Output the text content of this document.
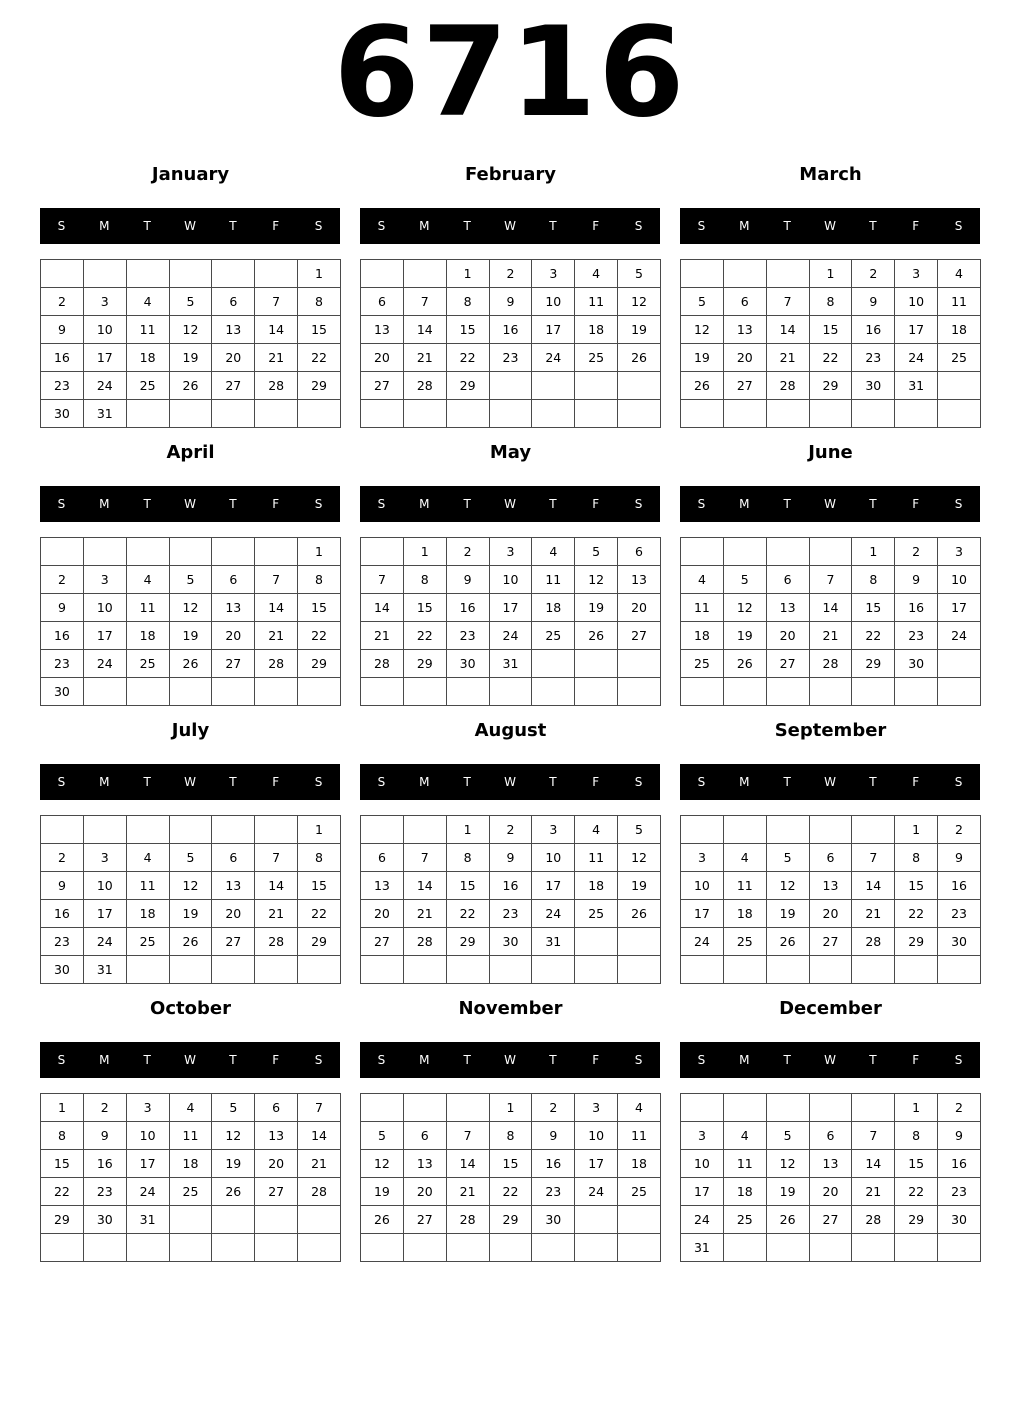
6716
January
S	M	T	W	T	F	S
						1
2	3	4	5	6	7	8
9	10	11	12	13	14	15
16	17	18	19	20	21	22
23	24	25	26	27	28	29
30	31					
February
S	M	T	W	T	F	S
		1	2	3	4	5
6	7	8	9	10	11	12
13	14	15	16	17	18	19
20	21	22	23	24	25	26
27	28	29				

March
S	M	T	W	T	F	S
			1	2	3	4
5	6	7	8	9	10	11
12	13	14	15	16	17	18
19	20	21	22	23	24	25
26	27	28	29	30	31	

April
S	M	T	W	T	F	S
						1
2	3	4	5	6	7	8
9	10	11	12	13	14	15
16	17	18	19	20	21	22
23	24	25	26	27	28	29
30						
May
S	M	T	W	T	F	S
	1	2	3	4	5	6
7	8	9	10	11	12	13
14	15	16	17	18	19	20
21	22	23	24	25	26	27
28	29	30	31			

June
S	M	T	W	T	F	S
				1	2	3
4	5	6	7	8	9	10
11	12	13	14	15	16	17
18	19	20	21	22	23	24
25	26	27	28	29	30	

July
S	M	T	W	T	F	S
						1
2	3	4	5	6	7	8
9	10	11	12	13	14	15
16	17	18	19	20	21	22
23	24	25	26	27	28	29
30	31					
August
S	M	T	W	T	F	S
		1	2	3	4	5
6	7	8	9	10	11	12
13	14	15	16	17	18	19
20	21	22	23	24	25	26
27	28	29	30	31		

September
S	M	T	W	T	F	S
					1	2
3	4	5	6	7	8	9
10	11	12	13	14	15	16
17	18	19	20	21	22	23
24	25	26	27	28	29	30

October
S	M	T	W	T	F	S
1	2	3	4	5	6	7
8	9	10	11	12	13	14
15	16	17	18	19	20	21
22	23	24	25	26	27	28
29	30	31				

November
S	M	T	W	T	F	S
			1	2	3	4
5	6	7	8	9	10	11
12	13	14	15	16	17	18
19	20	21	22	23	24	25
26	27	28	29	30		

December
S	M	T	W	T	F	S
					1	2
3	4	5	6	7	8	9
10	11	12	13	14	15	16
17	18	19	20	21	22	23
24	25	26	27	28	29	30
31						
